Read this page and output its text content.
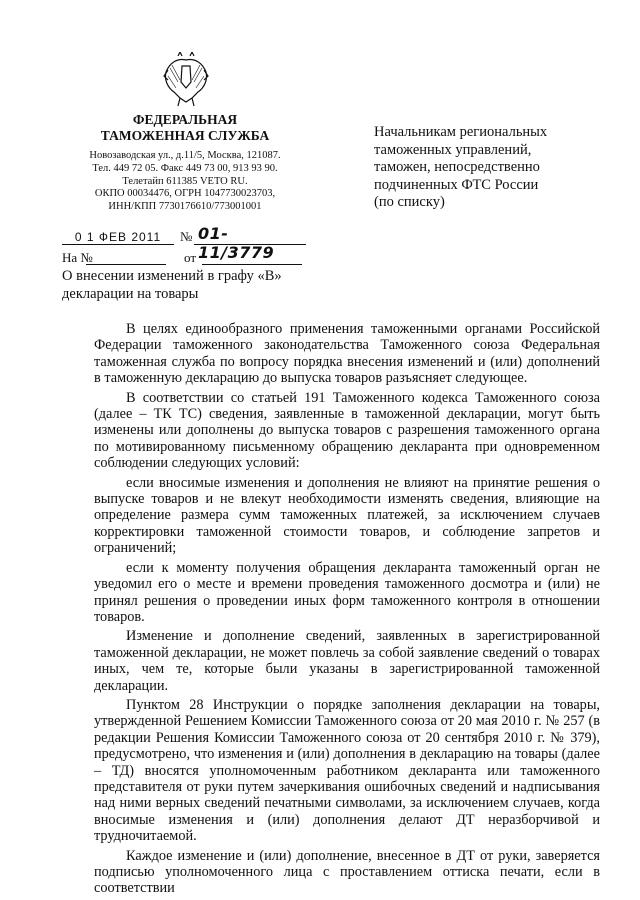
ФЕДЕРАЛЬНАЯ
ТАМОЖЕННАЯ СЛУЖБА
Новозаводская ул., д.11/5, Москва, 121087.
Тел. 449 72 05. Факс 449 73 00, 913 93 90.
Телетайп 611385 VETO RU.
ОКПО 00034476, ОГРН 1047730023703,
ИНН/КПП 7730176610/773001001
Начальникам региональных
таможенных управлений,
таможен, непосредственно
подчиненных ФТС России
(по списку)
0 1 ФЕВ 2011	№ 01-11/3779
На №	от
О внесении изменений в графу «В»
декларации на товары

В целях единообразного применения таможенными органами Российской Федерации таможенного законодательства Таможенного союза Федеральная таможенная служба по вопросу порядка внесения изменений и (или) дополнений в таможенную декларацию до выпуска товаров разъясняет следующее.

В соответствии со статьей 191 Таможенного кодекса Таможенного союза (далее – ТК ТС) сведения, заявленные в таможенной декларации, могут быть изменены или дополнены до выпуска товаров с разрешения таможенного органа по мотивированному письменному обращению декларанта при одновременном соблюдении следующих условий:

если вносимые изменения и дополнения не влияют на принятие решения о выпуске товаров и не влекут необходимости изменять сведения, влияющие на определение размера сумм таможенных платежей, за исключением случаев корректировки таможенной стоимости товаров, и соблюдение запретов и ограничений;

если к моменту получения обращения декларанта таможенный орган не уведомил его о месте и времени проведения таможенного досмотра и (или) не принял решения о проведении иных форм таможенного контроля в отношении товаров.

Изменение и дополнение сведений, заявленных в зарегистрированной таможенной декларации, не может повлечь за собой заявление сведений о товарах иных, чем те, которые были указаны в зарегистрированной таможенной декларации.

Пунктом 28 Инструкции о порядке заполнения декларации на товары, утвержденной Решением Комиссии Таможенного союза от 20 мая 2010 г. № 257 (в редакции Решения Комиссии Таможенного союза от 20 сентября 2010 г. № 379), предусмотрено, что изменения и (или) дополнения в декларацию на товары (далее – ТД) вносятся уполномоченным работником декларанта или таможенного представителя от руки путем зачеркивания ошибочных сведений и надписывания над ними верных сведений печатными символами, за исключением случаев, когда вносимые изменения и (или) дополнения делают ДТ неразборчивой и трудночитаемой.

Каждое изменение и (или) дополнение, внесенное в ДТ от руки, заверяется подписью уполномоченного лица с проставлением оттиска печати, если в соответствии
